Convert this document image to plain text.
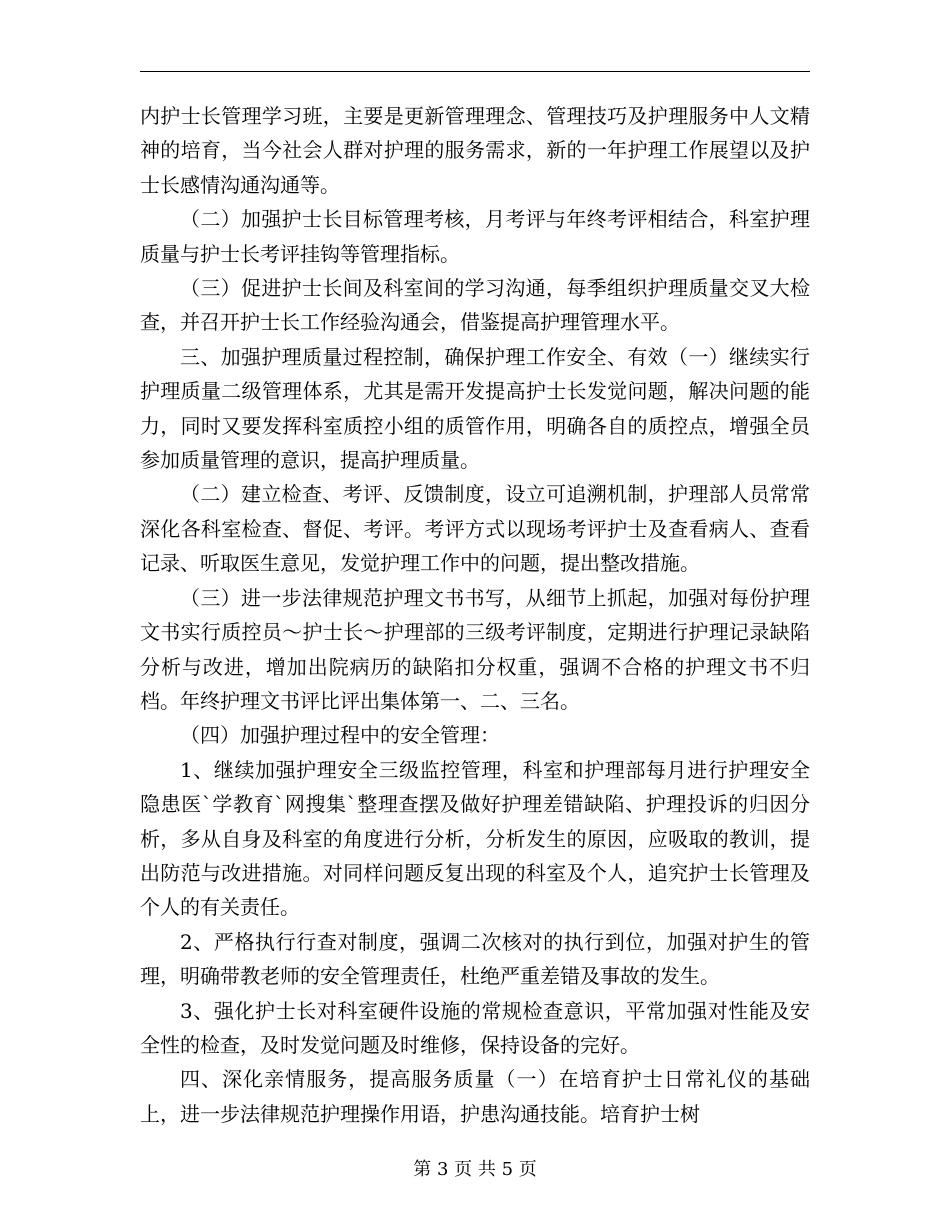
内护士长管理学习班，主要是更新管理理念、管理技巧及护理服务中人文精神的培育，当今社会人群对护理的服务需求，新的一年护理工作展望以及护士长感情沟通沟通等。

（二）加强护士长目标管理考核，月考评与年终考评相结合，科室护理质量与护士长考评挂钩等管理指标。

（三）促进护士长间及科室间的学习沟通，每季组织护理质量交叉大检查，并召开护士长工作经验沟通会，借鉴提高护理管理水平。

三、加强护理质量过程控制，确保护理工作安全、有效（一）继续实行护理质量二级管理体系，尤其是需开发提高护士长发觉问题，解决问题的能力，同时又要发挥科室质控小组的质管作用，明确各自的质控点，增强全员参加质量管理的意识，提高护理质量。

（二）建立检查、考评、反馈制度，设立可追溯机制，护理部人员常常深化各科室检查、督促、考评。考评方式以现场考评护士及查看病人、查看记录、听取医生意见，发觉护理工作中的问题，提出整改措施。

（三）进一步法律规范护理文书书写，从细节上抓起，加强对每份护理文书实行质控员～护士长～护理部的三级考评制度，定期进行护理记录缺陷分析与改进，增加出院病历的缺陷扣分权重，强调不合格的护理文书不归档。年终护理文书评比评出集体第一、二、三名。

（四）加强护理过程中的安全管理：

1、继续加强护理安全三级监控管理，科室和护理部每月进行护理安全隐患医`学教育`网搜集`整理查摆及做好护理差错缺陷、护理投诉的归因分析，多从自身及科室的角度进行分析，分析发生的原因，应吸取的教训，提出防范与改进措施。对同样问题反复出现的科室及个人，追究护士长管理及个人的有关责任。

2、严格执行行查对制度，强调二次核对的执行到位，加强对护生的管理，明确带教老师的安全管理责任，杜绝严重差错及事故的发生。

3、强化护士长对科室硬件设施的常规检查意识，平常加强对性能及安全性的检查，及时发觉问题及时维修，保持设备的完好。

四、深化亲情服务，提高服务质量（一）在培育护士日常礼仪的基础上，进一步法律规范护理操作用语，护患沟通技能。培育护士树

第 3 页 共 5 页
